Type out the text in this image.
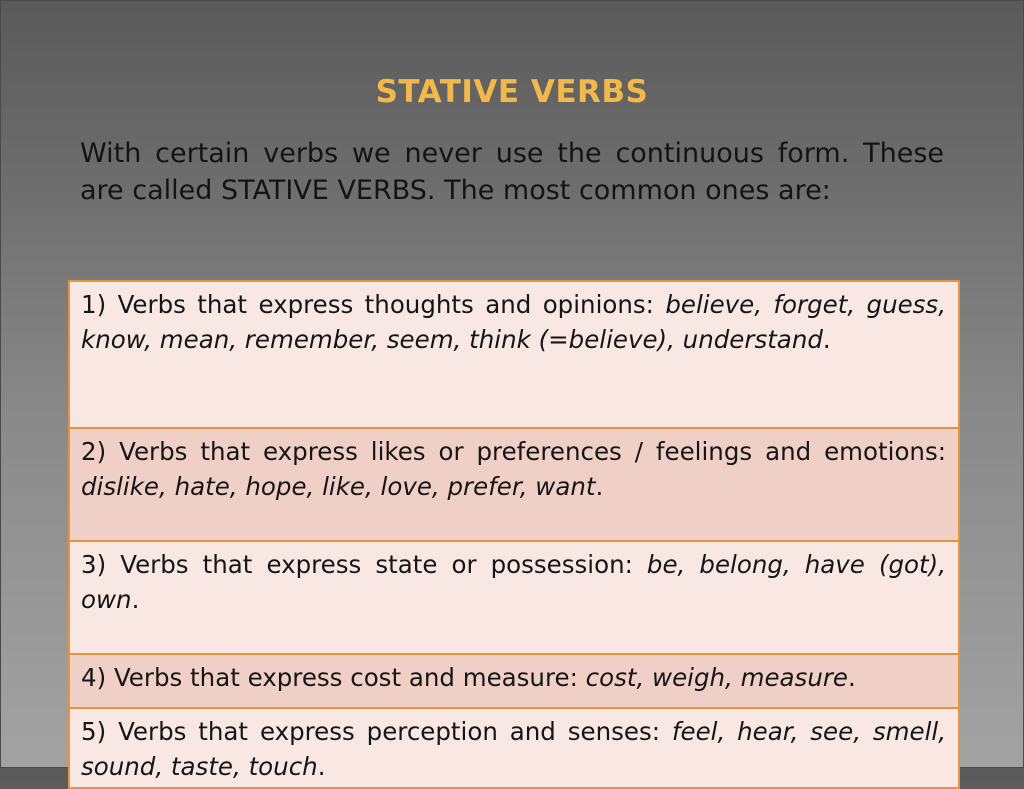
STATIVE VERBS
With certain verbs we never use the continuous form. These are called STATIVE VERBS. The most common ones are:
1) Verbs that express thoughts and opinions: believe, forget, guess, know, mean, remember, seem, think (=believe), understand.
2) Verbs that express likes or preferences / feelings and emotions: dislike, hate, hope, like, love, prefer, want.
3) Verbs that express state or possession: be, belong, have (got), own.
4) Verbs that express cost and measure: cost, weigh, measure.
5) Verbs that express perception and senses: feel, hear, see, smell, sound, taste, touch.
